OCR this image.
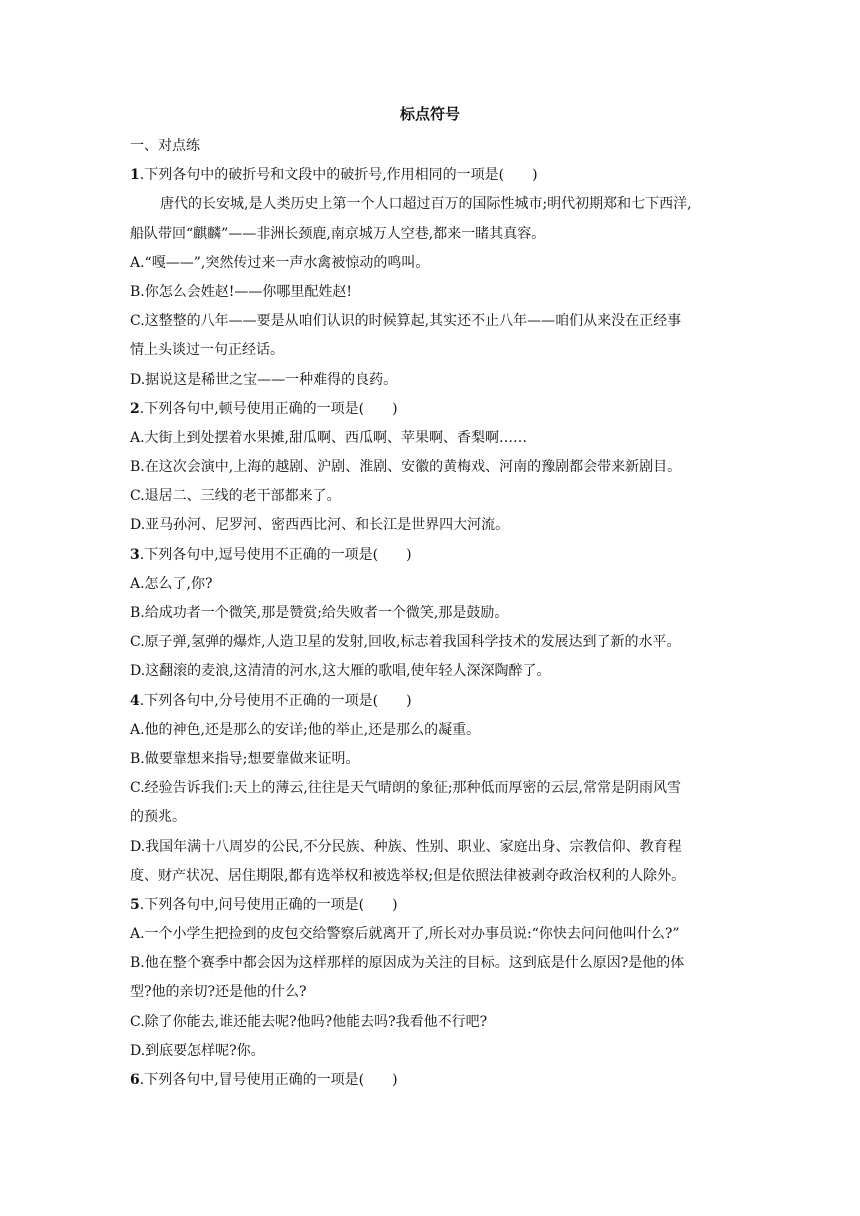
标点符号
一、对点练
1.下列各句中的破折号和文段中的破折号,作用相同的一项是(　　)
唐代的长安城,是人类历史上第一个人口超过百万的国际性城市;明代初期郑和七下西洋,
船队带回“麒麟”——非洲长颈鹿,南京城万人空巷,都来一睹其真容。
A.“嘎——”,突然传过来一声水禽被惊动的鸣叫。
B.你怎么会姓赵!——你哪里配姓赵!
C.这整整的八年——要是从咱们认识的时候算起,其实还不止八年——咱们从来没在正经事
情上头谈过一句正经话。
D.据说这是稀世之宝——一种难得的良药。
2.下列各句中,顿号使用正确的一项是(　　)
A.大街上到处摆着水果摊,甜瓜啊、西瓜啊、苹果啊、香梨啊……
B.在这次会演中,上海的越剧、沪剧、淮剧、安徽的黄梅戏、河南的豫剧都会带来新剧目。
C.退居二、三线的老干部都来了。
D.亚马孙河、尼罗河、密西西比河、和长江是世界四大河流。
3.下列各句中,逗号使用不正确的一项是(　　)
A.怎么了,你?
B.给成功者一个微笑,那是赞赏;给失败者一个微笑,那是鼓励。
C.原子弹,氢弹的爆炸,人造卫星的发射,回收,标志着我国科学技术的发展达到了新的水平。
D.这翻滚的麦浪,这清清的河水,这大雁的歌唱,使年轻人深深陶醉了。
4.下列各句中,分号使用不正确的一项是(　　)
A.他的神色,还是那么的安详;他的举止,还是那么的凝重。
B.做要靠想来指导;想要靠做来证明。
C.经验告诉我们:天上的薄云,往往是天气晴朗的象征;那种低而厚密的云层,常常是阴雨风雪
的预兆。
D.我国年满十八周岁的公民,不分民族、种族、性别、职业、家庭出身、宗教信仰、教育程
度、财产状况、居住期限,都有选举权和被选举权;但是依照法律被剥夺政治权利的人除外。
5.下列各句中,问号使用正确的一项是(　　)
A.一个小学生把捡到的皮包交给警察后就离开了,所长对办事员说:“你快去问问他叫什么?”
B.他在整个赛季中都会因为这样那样的原因成为关注的目标。这到底是什么原因?是他的体
型?他的亲切?还是他的什么?
C.除了你能去,谁还能去呢?他吗?他能去吗?我看他不行吧?
D.到底要怎样呢?你。
6.下列各句中,冒号使用正确的一项是(　　)
